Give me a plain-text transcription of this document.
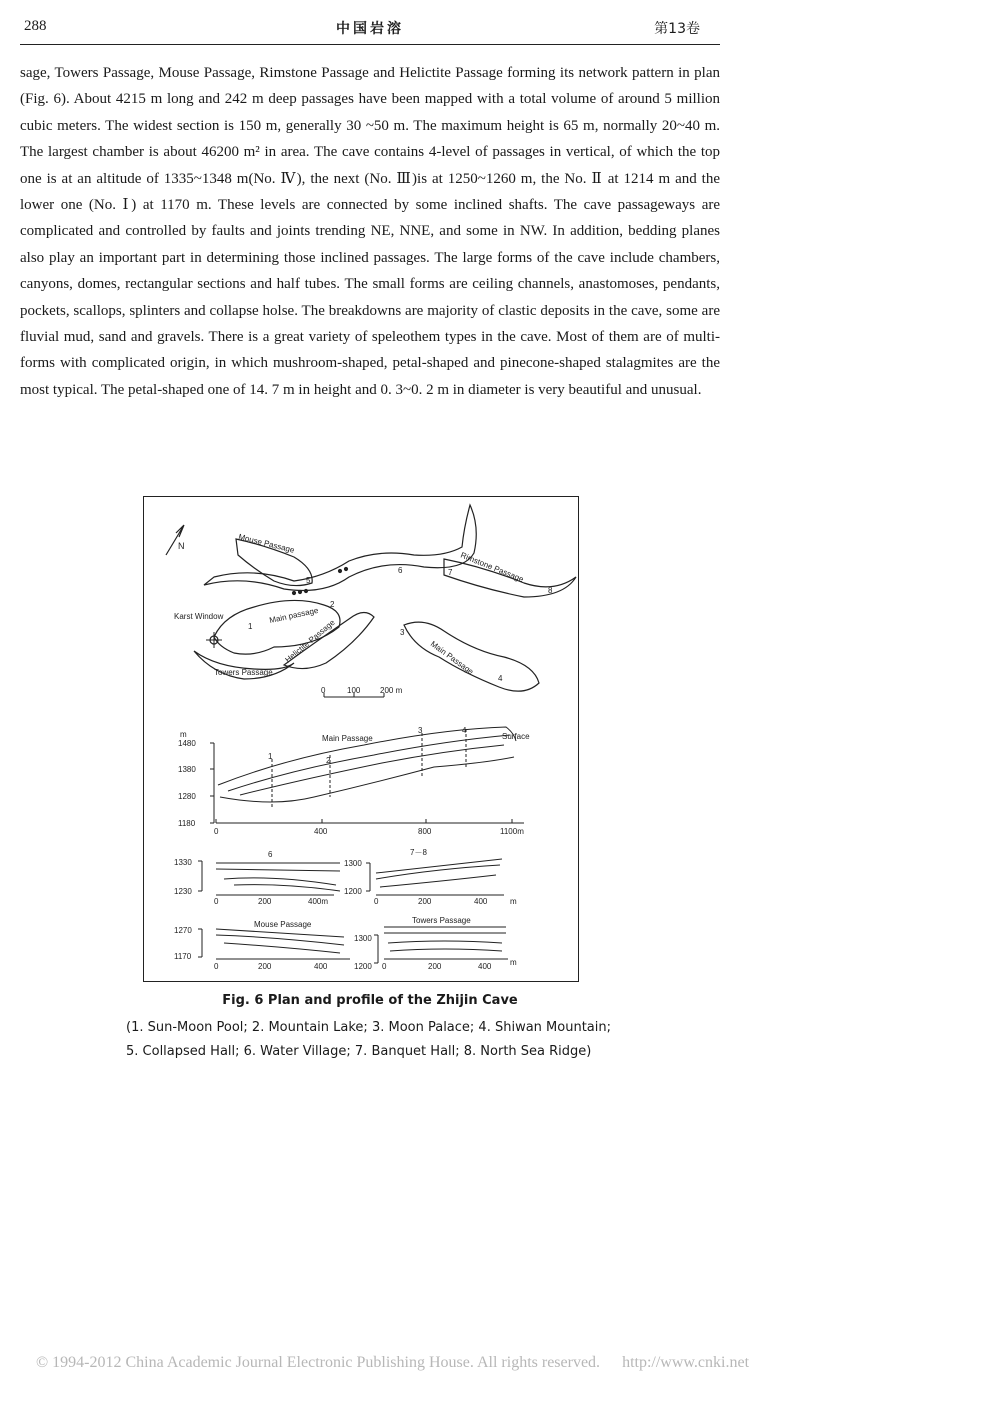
288	中国岩溶	第13卷

sage, Towers Passage, Mouse Passage, Rimstone Passage and Helictite Passage forming its network pattern in plan (Fig. 6). About 4215 m long and 242 m deep passages have been mapped with a total volume of around 5 million cubic meters. The widest section is 150 m, generally 30 ~50 m. The maximum height is 65 m, normally 20~40 m. The largest chamber is about 46200 m² in area. The cave contains 4-level of passages in vertical, of which the top one is at an altitude of 1335~1348 m(No. Ⅳ), the next (No. Ⅲ)is at 1250~1260 m, the No. Ⅱ at 1214 m and the lower one (No. Ⅰ) at 1170 m. These levels are connected by some inclined shafts. The cave passageways are complicated and controlled by faults and joints trending NE, NNE, and some in NW. In addition, bedding planes also play an important part in determining those inclined passages. The large forms of the cave include chambers, canyons, domes, rectangular sections and half tubes. The small forms are ceiling channels, anastomoses, pendants, pockets, scallops, splinters and collapse holse. The breakdowns are majority of clastic deposits in the cave, some are fluvial mud, sand and gravels. There is a great variety of speleothem types in the cave. Most of them are of multi-forms with complicated origin, in which mushroom-shaped, petal-shaped and pinecone-shaped stalagmites are the most typical. The petal-shaped one of 14. 7 m in height and 0. 3~0. 2 m in diameter is very beautiful and unusual.

N	Mouse Passage
Rimstone Passage
Karst Window	Main passage
Helictite Passage	Main Passage
Towers Passage
1
2
3
4
5
6	7
8
0	100 200 m
m
1480
1380
1280
1180
0	400	800	1100m
Main Passage	Surface
1	2
3	4
6
1330
1230
0	200	400m
7－8
1300
1200
0	200	400	m
Mouse Passage
1270
1170
0	200	400
Towers Passage
1300
1200 0	200	400 m
Fig. 6 Plan and profile of the Zhijin Cave
(1. Sun-Moon Pool; 2. Mountain Lake; 3. Moon Palace; 4. Shiwan Mountain;
5. Collapsed Hall; 6. Water Village; 7. Banquet Hall; 8. North Sea Ridge)
© 1994-2012 China Academic Journal Electronic Publishing House. All rights reserved. http://www.cnki.net
